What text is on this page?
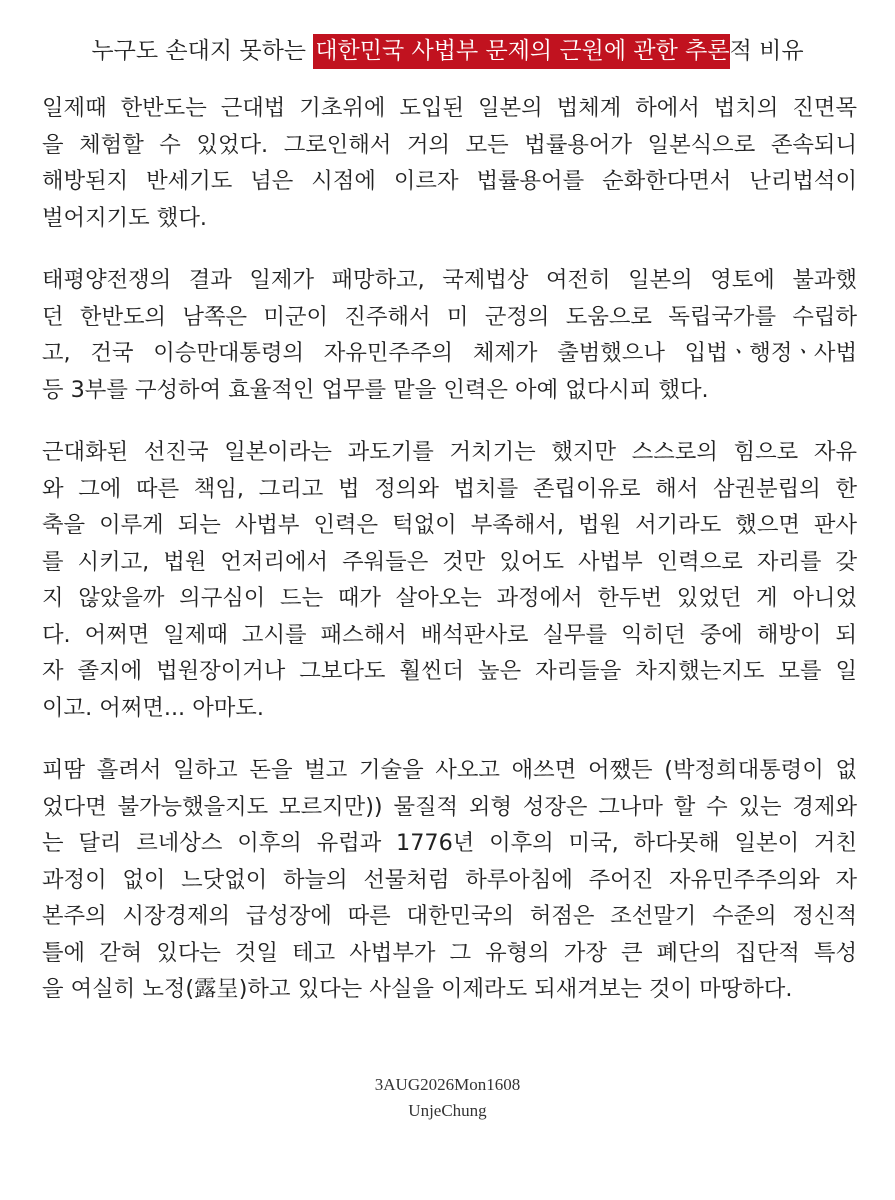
누구도 손대지 못하는 대한민국 사법부 문제의 근원에 관한 추론적 비유
일제때 한반도는 근대법 기초위에 도입된 일본의 법체계 하에서 법치의 진면목
을 체험할 수 있었다. 그로인해서 거의 모든 법률용어가 일본식으로 존속되니
해방된지 반세기도 넘은 시점에 이르자 법률용어를 순화한다면서 난리법석이
벌어지기도 했다.
태평양전쟁의 결과 일제가 패망하고, 국제법상 여전히 일본의 영토에 불과했
던 한반도의 남쪽은 미군이 진주해서 미 군정의 도움으로 독립국가를 수립하
고, 건국 이승만대통령의 자유민주주의 체제가 출범했으나 입법ㆍ행정ㆍ사법
등 3부를 구성하여 효율적인 업무를 맡을 인력은 아예 없다시피 했다.
근대화된 선진국 일본이라는 과도기를 거치기는 했지만 스스로의 힘으로 자유
와 그에 따른 책임, 그리고 법 정의와 법치를 존립이유로 해서 삼권분립의 한
축을 이루게 되는 사법부 인력은 턱없이 부족해서, 법원 서기라도 했으면 판사
를 시키고, 법원 언저리에서 주워들은 것만 있어도 사법부 인력으로 자리를 갖
지 않았을까 의구심이 드는 때가 살아오는 과정에서 한두번 있었던 게 아니었
다. 어쩌면 일제때 고시를 패스해서 배석판사로 실무를 익히던 중에 해방이 되
자 졸지에 법원장이거나 그보다도 훨씬더 높은 자리들을 차지했는지도 모를 일
이고. 어쩌면... 아마도.
피땀 흘려서 일하고 돈을 벌고 기술을 사오고 애쓰면 어쨌든 (박정희대통령이 없
었다면 불가능했을지도 모르지만)) 물질적 외형 성장은 그나마 할 수 있는 경제와
는 달리 르네상스 이후의 유럽과 1776년 이후의 미국, 하다못해 일본이 거친
과정이 없이 느닷없이 하늘의 선물처럼 하루아침에 주어진 자유민주주의와 자
본주의 시장경제의 급성장에 따른 대한민국의 허점은 조선말기 수준의 정신적
틀에 갇혀 있다는 것일 테고 사법부가 그 유형의 가장 큰 폐단의 집단적 특성
을 여실히 노정(露呈)하고 있다는 사실을 이제라도 되새겨보는 것이 마땅하다.
3AUG2026Mon1608
UnjeChung
